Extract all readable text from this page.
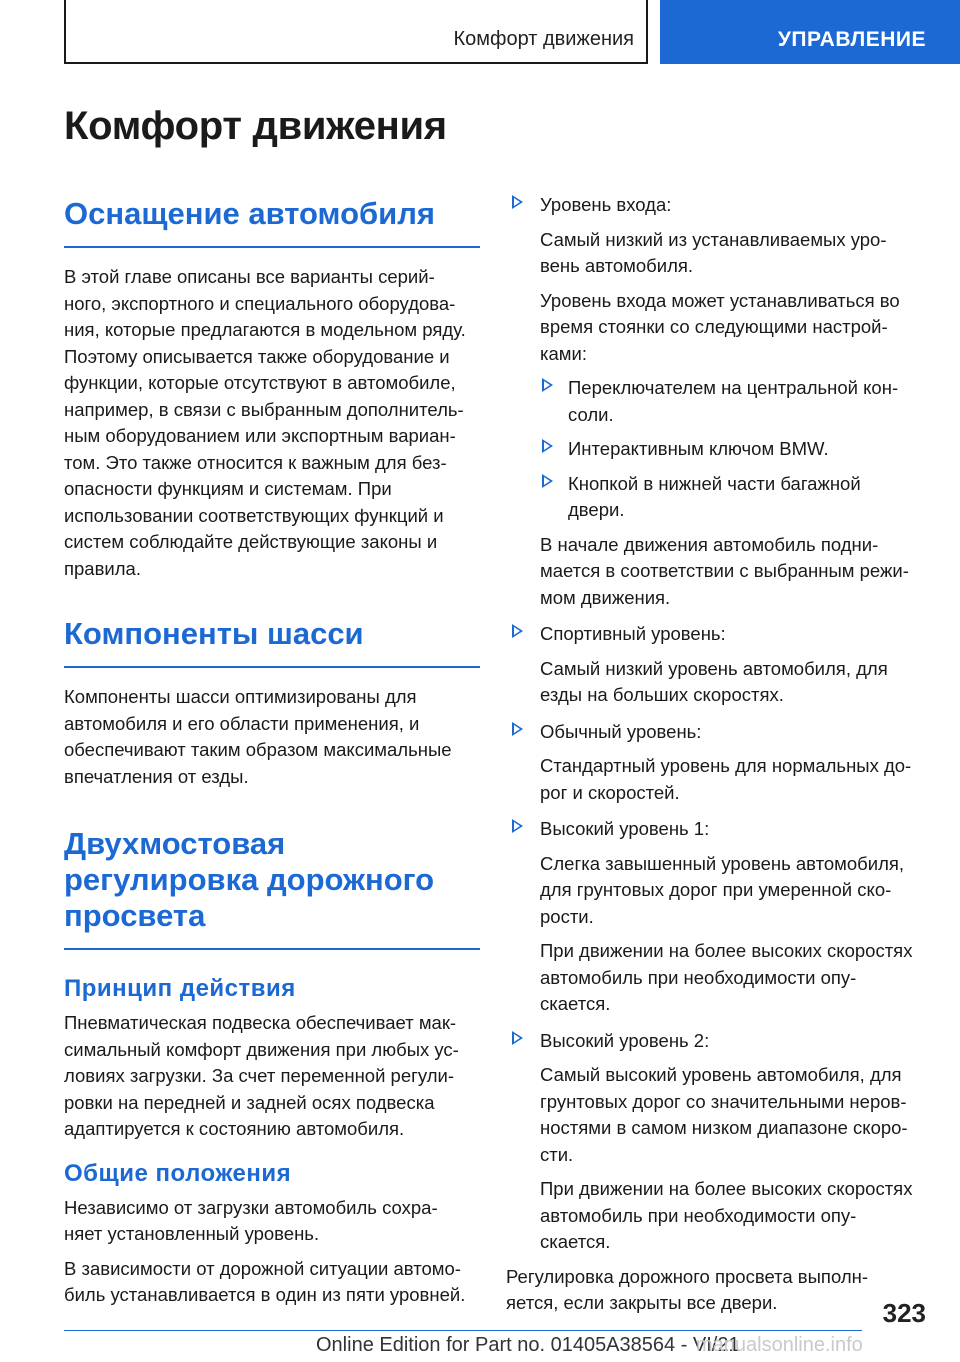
Комфорт движения	УПРАВЛЕНИЕ
Комфорт движения
Оснащение автомобиля

В этой главе описаны все варианты серий-
ного, экспортного и специального оборудова-
ния, которые предлагаются в модельном ряду.
Поэтому описывается также оборудование и
функции, которые отсутствуют в автомобиле,
например, в связи с выбранным дополнитель-
ным оборудованием или экспортным вариан-
том. Это также относится к важным для без-
опасности функциям и системам. При
использовании соответствующих функций и
систем соблюдайте действующие законы и
правила.

Компоненты шасси

Компоненты шасси оптимизированы для
автомобиля и его области применения, и
обеспечивают таким образом максимальные
впечатления от езды.

Двухмостовая
регулировка дорожного
просвета
Принцип действия

Пневматическая подвеска обеспечивает мак-
симальный комфорт движения при любых ус-
ловиях загрузки. За счет переменной регули-
ровки на передней и задней осях подвеска
адаптируется к состоянию автомобиля.

Общие положения

Независимо от загрузки автомобиль сохра-
няет установленный уровень.

В зависимости от дорожной ситуации автомо-
биль устанавливается в один из пяти уровней.

Уровень входа:

Самый низкий из устанавливаемых уро-
вень автомобиля.

Уровень входа может устанавливаться во
время стоянки со следующими настрой-
ками:

Переключателем на центральной кон-
соли.

Интерактивным ключом BMW.

Кнопкой в нижней части багажной
двери.

В начале движения автомобиль подни-
мается в соответствии с выбранным режи-
мом движения.

Спортивный уровень:

Самый низкий уровень автомобиля, для
езды на больших скоростях.

Обычный уровень:

Стандартный уровень для нормальных до-
рог и скоростей.

Высокий уровень 1:

Слегка завышенный уровень автомобиля,
для грунтовых дорог при умеренной ско-
рости.

При движении на более высоких скоростях
автомобиль при необходимости опу-
скается.

Высокий уровень 2:

Самый высокий уровень автомобиля, для
грунтовых дорог со значительными неров-
ностями в самом низком диапазоне скоро-
сти.

При движении на более высоких скоростях
автомобиль при необходимости опу-
скается.

Регулировка дорожного просвета выполн-
яется, если закрыты все двери.	323
Online Edition for Part no. 01405A38564 - VI/21
manualsonline.info
